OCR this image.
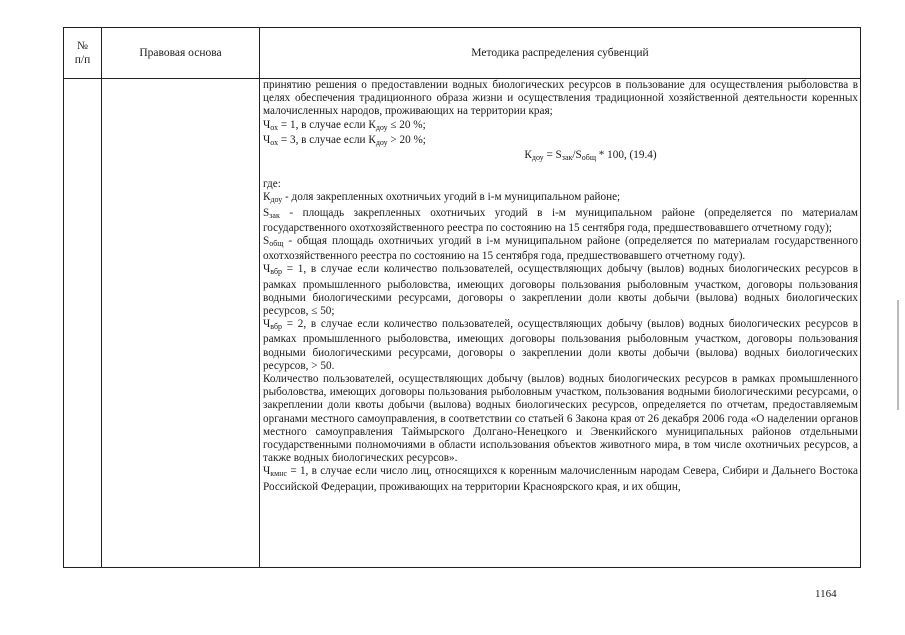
№
п/п
Правовая основа	Методика распределения субвенций

принятию решения о предоставлении водных биологических ресурсов в пользование для осуществления рыболовства в целях обеспечения традиционного образа жизни и осуществления традиционной хозяйственной деятельности коренных малочисленных народов, проживающих на территории края;

$Ч_{ох} = 1$, в случае если $К_{доу} \le 20$ %;

$Ч_{ох} = 3$, в случае если $К_{доу} > 20$ %;

$К_{доу} = S_{зак}/S_{общ} * 100$, (19.4)

где:

$К_{доу}$ - доля закрепленных охотничьих угодий в i-м муниципальном районе;

$S_{зак}$ - площадь закрепленных охотничьих угодий в i-м муниципальном районе (определяется по материалам государственного охотхозяйственного реестра по состоянию на 15 сентября года, предшествовавшего отчетному году);

$S_{общ}$ - общая площадь охотничьих угодий в i-м муниципальном районе (определяется по материалам государственного охотхозяйственного реестра по состоянию на 15 сентября года, предшествовавшего отчетному году).

$Ч_{вбр} = 1$, в случае если количество пользователей, осуществляющих добычу (вылов) водных биологических ресурсов в рамках промышленного рыболовства, имеющих договоры пользования рыболовным участком, договоры пользования водными биологическими ресурсами, договоры о закреплении доли квоты добычи (вылова) водных биологических ресурсов, ≤ 50;

$Ч_{вбр} = 2$, в случае если количество пользователей, осуществляющих добычу (вылов) водных биологических ресурсов в рамках промышленного рыболовства, имеющих договоры пользования рыболовным участком, договоры пользования водными биологическими ресурсами, договоры о закреплении доли квоты добычи (вылова) водных биологических ресурсов, > 50.

Количество пользователей, осуществляющих добычу (вылов) водных биологических ресурсов в рамках промышленного рыболовства, имеющих договоры пользования рыболовным участком, пользования водными биологическими ресурсами, о закреплении доли квоты добычи (вылова) водных биологических ресурсов, определяется по отчетам, предоставляемым органами местного самоуправления, в соответствии со статьей 6 Закона края от 26 декабря 2006 года «О наделении органов местного самоуправления Таймырского Долгано-Ненецкого и Эвенкийского муниципальных районов отдельными государственными полномочиями в области использования объектов животного мира, в том числе охотничьих ресурсов, а также водных биологических ресурсов».

$Ч_{кмнс} = 1$, в случае если число лиц, относящихся к коренным малочисленным народам Севера, Сибири и Дальнего Востока Российской Федерации, проживающих на территории Красноярского края, и их общин,

1164
